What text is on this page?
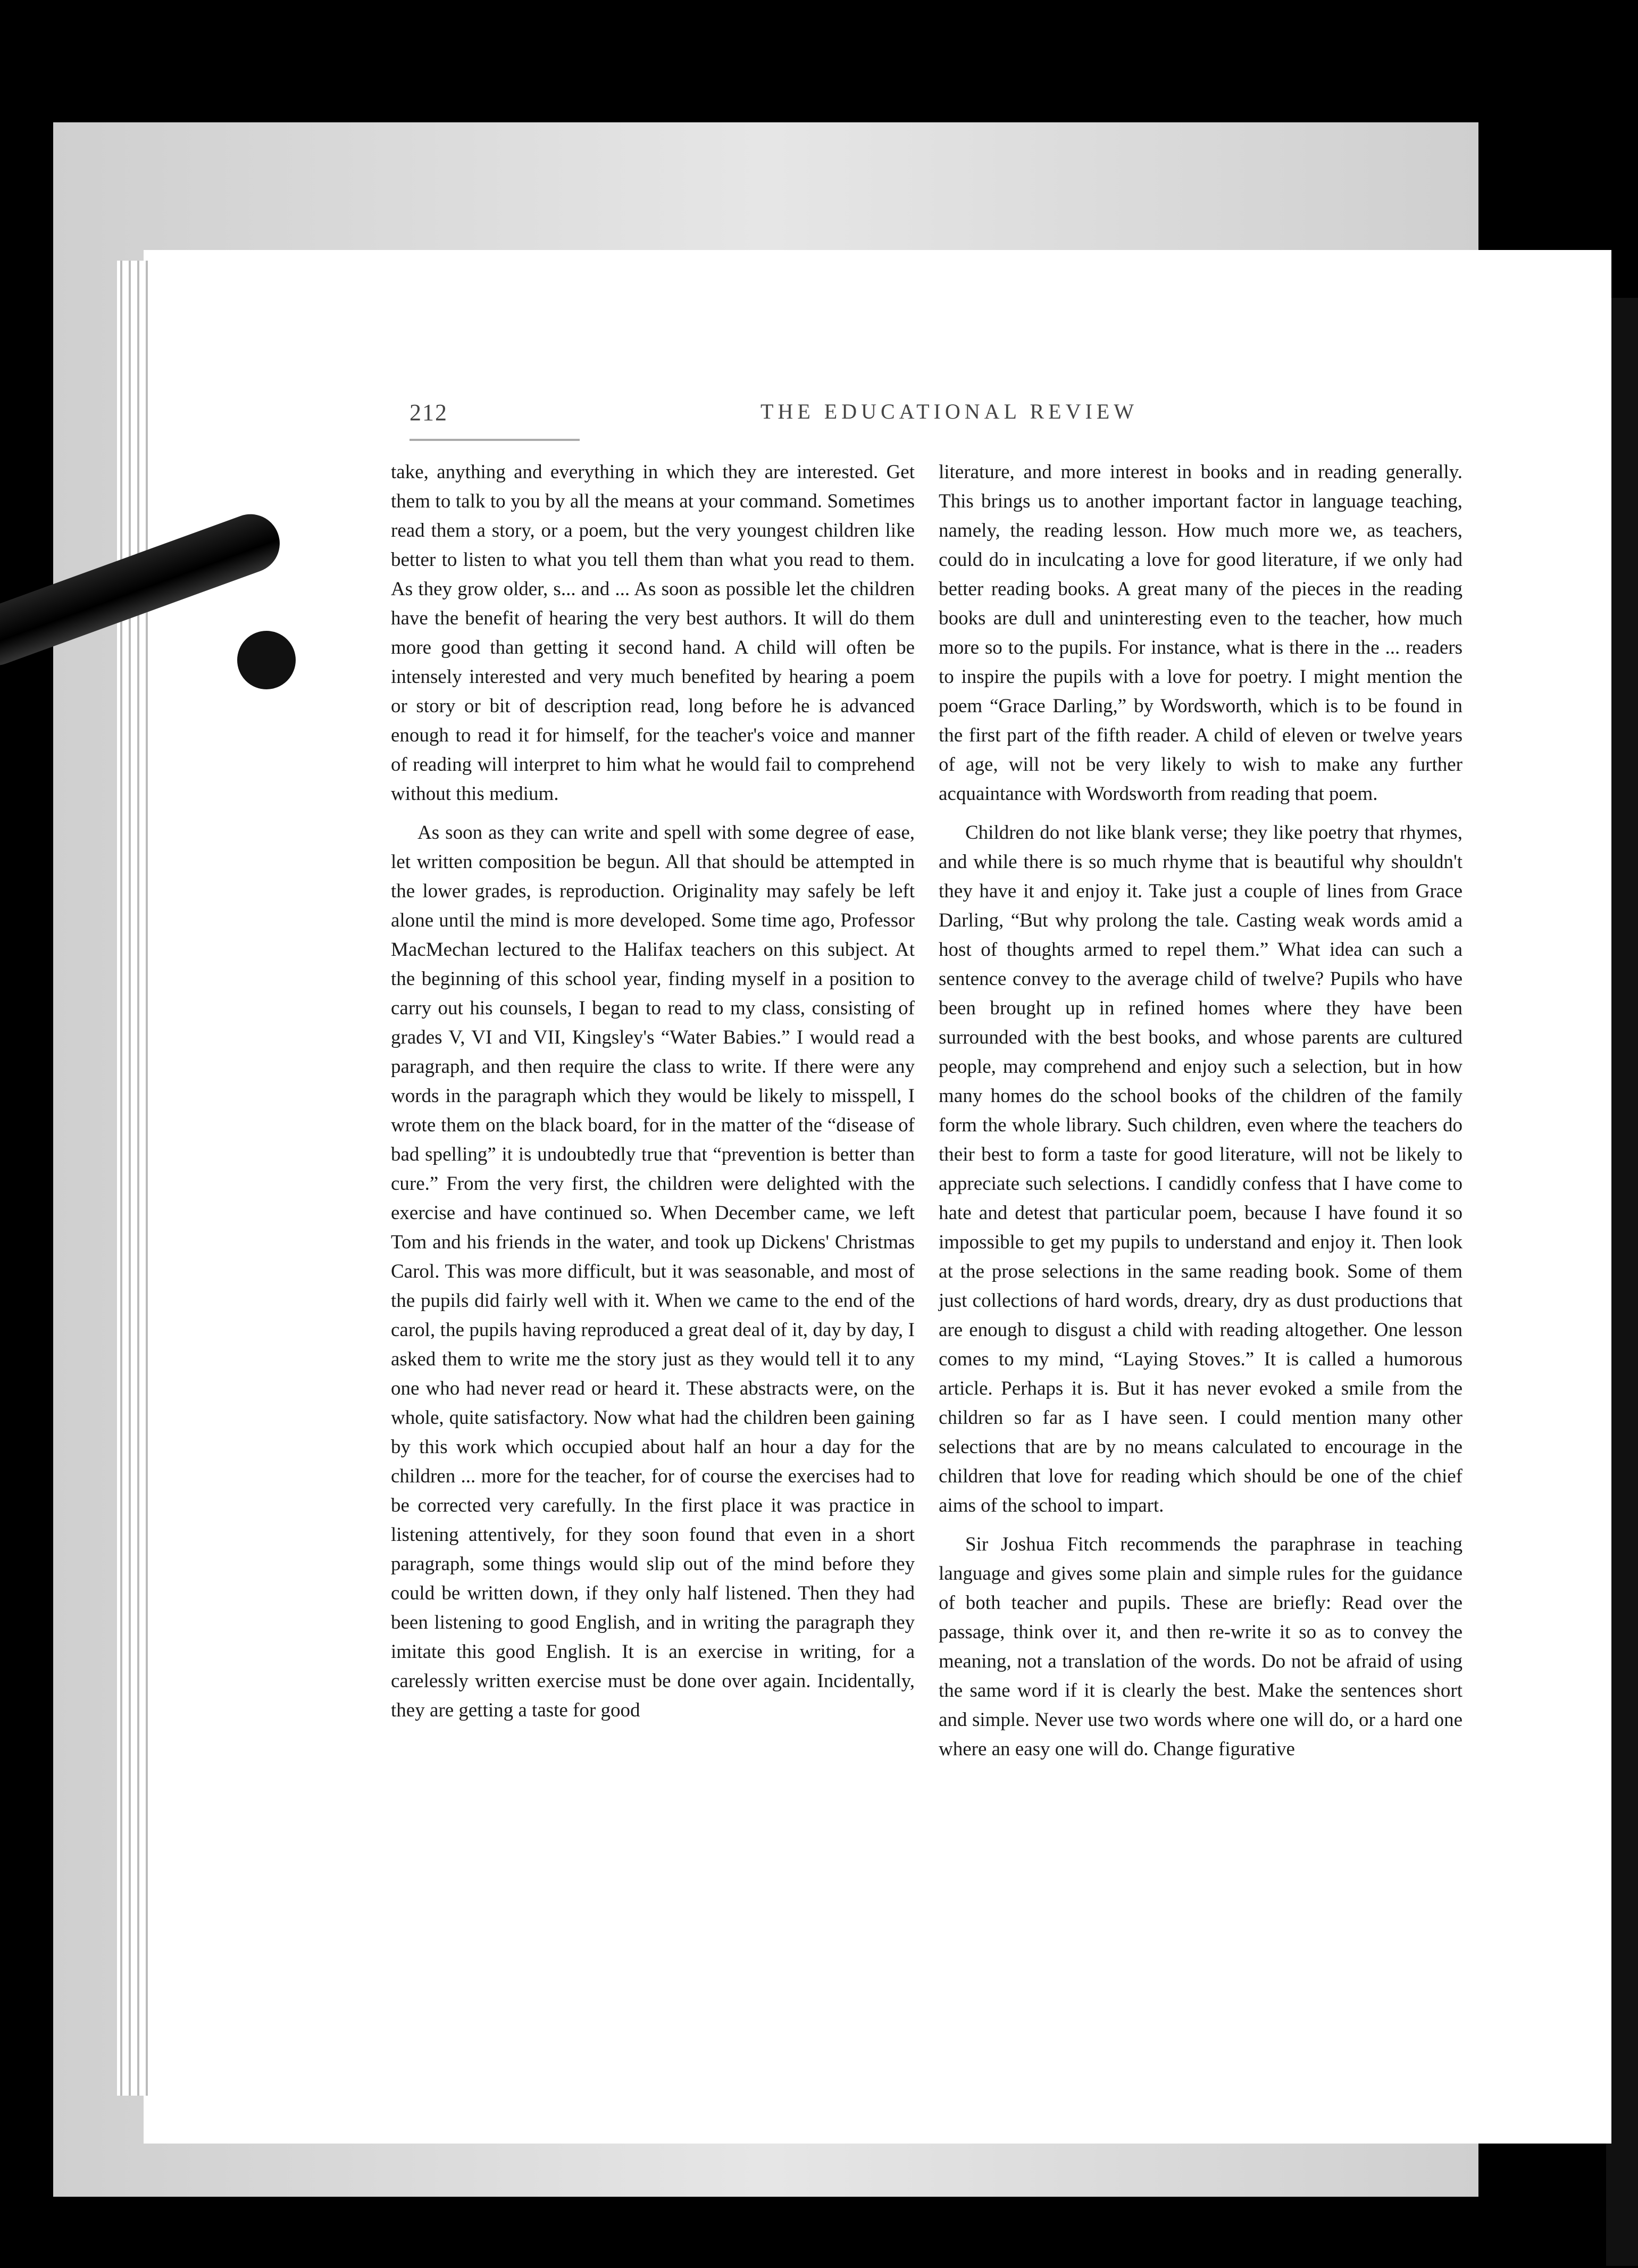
212	THE EDUCATIONAL REVIEW

take, anything and everything in which they are interested. Get them to talk to you by all the means at your command. Sometimes read them a story, or a poem, but the very youngest children like better to listen to what you tell them than what you read to them. As they grow older, s... and ... As soon as possible let the children have the benefit of hearing the very best authors. It will do them more good than getting it second hand. A child will often be intensely interested and very much benefited by hearing a poem or story or bit of description read, long before he is advanced enough to read it for himself, for the teacher's voice and manner of reading will interpret to him what he would fail to comprehend without this medium.

As soon as they can write and spell with some degree of ease, let written composition be begun. All that should be attempted in the lower grades, is reproduction. Originality may safely be left alone until the mind is more developed. Some time ago, Professor MacMechan lectured to the Halifax teachers on this subject. At the beginning of this school year, finding myself in a position to carry out his counsels, I began to read to my class, consisting of grades V, VI and VII, Kingsley's “Water Babies.” I would read a paragraph, and then require the class to write. If there were any words in the paragraph which they would be likely to misspell, I wrote them on the black board, for in the matter of the “disease of bad spelling” it is undoubtedly true that “prevention is better than cure.” From the very first, the children were delighted with the exercise and have continued so. When December came, we left Tom and his friends in the water, and took up Dickens' Christmas Carol. This was more difficult, but it was seasonable, and most of the pupils did fairly well with it. When we came to the end of the carol, the pupils having reproduced a great deal of it, day by day, I asked them to write me the story just as they would tell it to any one who had never read or heard it. These abstracts were, on the whole, quite satisfactory. Now what had the children been gaining by this work which occupied about half an hour a day for the children ... more for the teacher, for of course the exercises had to be corrected very carefully. In the first place it was practice in listening attentively, for they soon found that even in a short paragraph, some things would slip out of the mind before they could be written down, if they only half listened. Then they had been listening to good English, and in writing the paragraph they imitate this good English. It is an exercise in writing, for a carelessly written exercise must be done over again. Incidentally, they are getting a taste for good

literature, and more interest in books and in reading generally. This brings us to another important factor in language teaching, namely, the reading lesson. How much more we, as teachers, could do in inculcating a love for good literature, if we only had better reading books. A great many of the pieces in the reading books are dull and uninteresting even to the teacher, how much more so to the pupils. For instance, what is there in the ... readers to inspire the pupils with a love for poetry. I might mention the poem “Grace Darling,” by Wordsworth, which is to be found in the first part of the fifth reader. A child of eleven or twelve years of age, will not be very likely to wish to make any further acquaintance with Wordsworth from reading that poem.

Children do not like blank verse; they like poetry that rhymes, and while there is so much rhyme that is beautiful why shouldn't they have it and enjoy it. Take just a couple of lines from Grace Darling, “But why prolong the tale. Casting weak words amid a host of thoughts armed to repel them.” What idea can such a sentence convey to the average child of twelve? Pupils who have been brought up in refined homes where they have been surrounded with the best books, and whose parents are cultured people, may comprehend and enjoy such a selection, but in how many homes do the school books of the children of the family form the whole library. Such children, even where the teachers do their best to form a taste for good literature, will not be likely to appreciate such selections. I candidly confess that I have come to hate and detest that particular poem, because I have found it so impossible to get my pupils to understand and enjoy it. Then look at the prose selections in the same reading book. Some of them just collections of hard words, dreary, dry as dust productions that are enough to disgust a child with reading altogether. One lesson comes to my mind, “Laying Stoves.” It is called a humorous article. Perhaps it is. But it has never evoked a smile from the children so far as I have seen. I could mention many other selections that are by no means calculated to encourage in the children that love for reading which should be one of the chief aims of the school to impart.

Sir Joshua Fitch recommends the paraphrase in teaching language and gives some plain and simple rules for the guidance of both teacher and pupils. These are briefly: Read over the passage, think over it, and then re-write it so as to convey the meaning, not a translation of the words. Do not be afraid of using the same word if it is clearly the best. Make the sentences short and simple. Never use two words where one will do, or a hard one where an easy one will do. Change figurative
